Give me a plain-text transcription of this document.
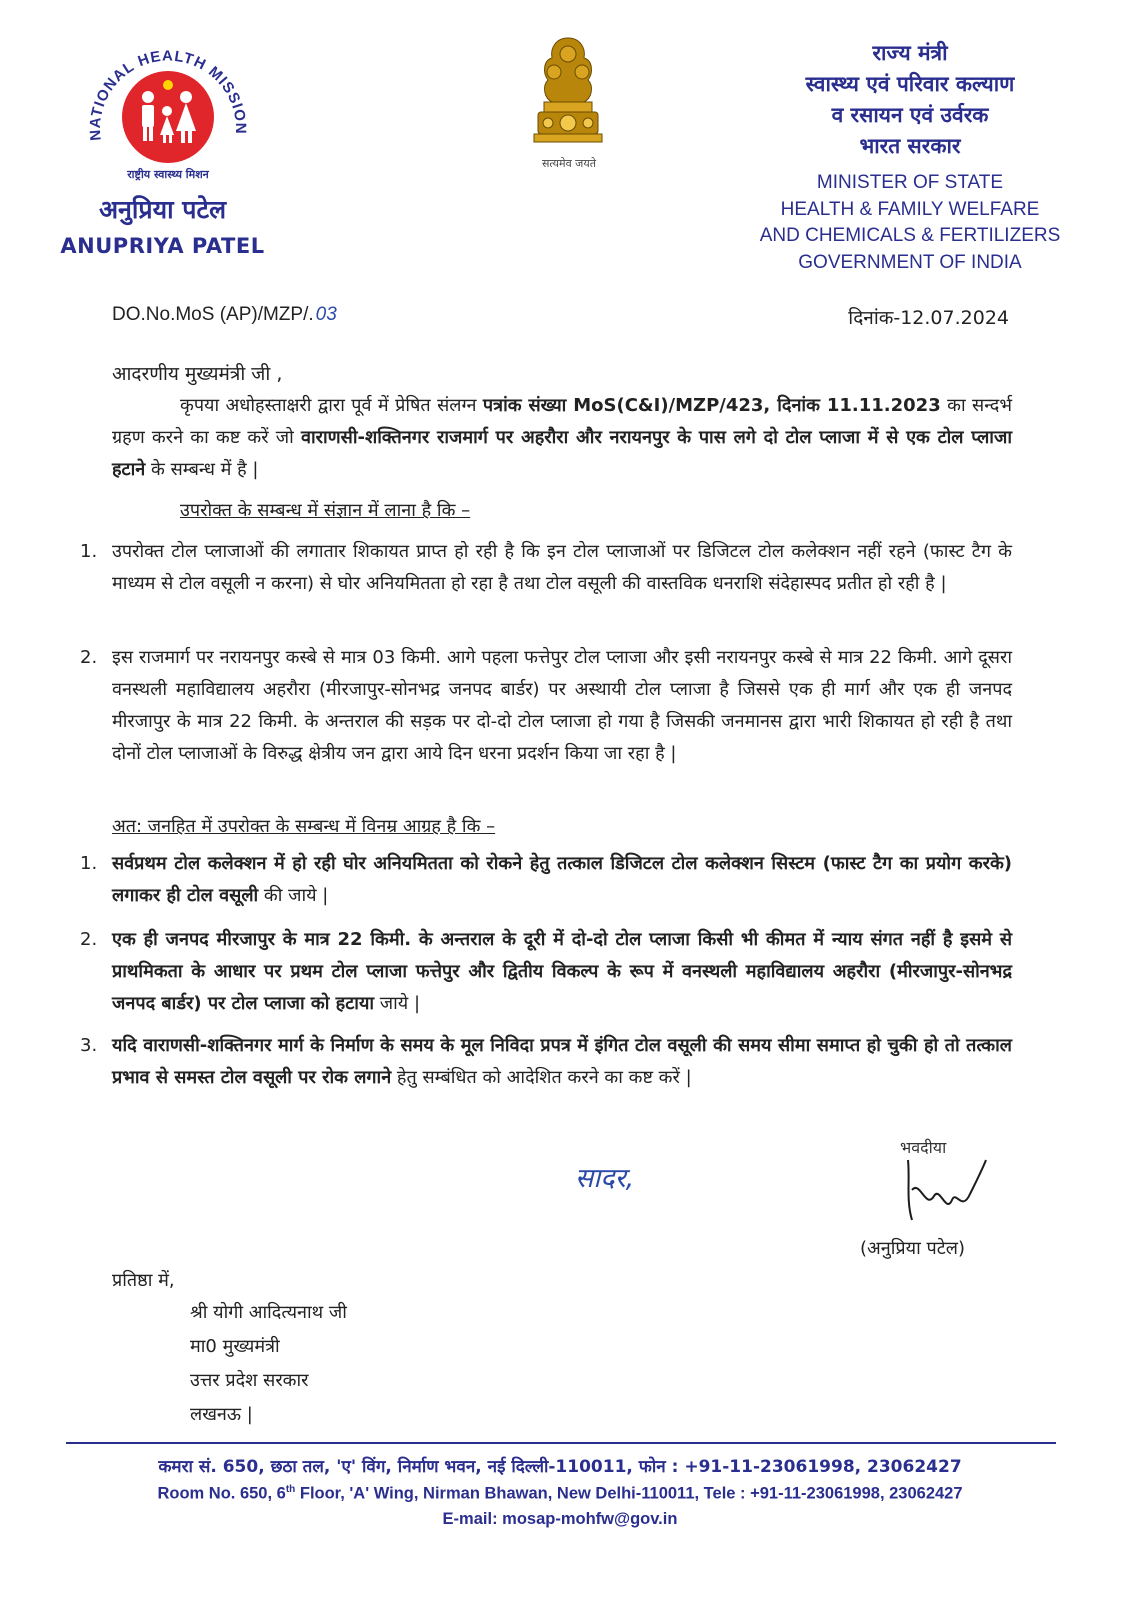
NATIONAL HEALTH MISSION
राष्ट्रीय स्वास्थ्य मिशन
अनुप्रिया पटेल
ANUPRIYA PATEL
सत्यमेव जयते
राज्य मंत्री
स्वास्थ्य एवं परिवार कल्याण
व रसायन एवं उर्वरक
भारत सरकार
MINISTER OF STATE
HEALTH & FAMILY WELFARE
AND CHEMICALS & FERTILIZERS
GOVERNMENT OF INDIA
DO.No.MoS (AP)/MZP/. 03	दिनांक-12.07.2024
आदरणीय मुख्यमंत्री जी ,
कृपया अधोहस्ताक्षरी द्वारा पूर्व में प्रेषित संलग्न पत्रांक संख्या MoS(C&I)/MZP/423, दिनांक 11.11.2023 का सन्दर्भ ग्रहण करने का कष्ट करें जो वाराणसी-शक्तिनगर राजमार्ग पर अहरौरा और नरायनपुर के पास लगे दो टोल प्लाजा में से एक टोल प्लाजा हटाने के सम्बन्ध में है |
उपरोक्त के सम्बन्ध में संज्ञान में लाना है कि –
1. उपरोक्त टोल प्लाजाओं की लगातार शिकायत प्राप्त हो रही है कि इन टोल प्लाजाओं पर डिजिटल टोल कलेक्शन नहीं रहने (फास्ट टैग के माध्यम से टोल वसूली न करना) से घोर अनियमितता हो रहा है तथा टोल वसूली की वास्तविक धनराशि संदेहास्पद प्रतीत हो रही है |
2. इस राजमार्ग पर नरायनपुर कस्बे से मात्र 03 किमी. आगे पहला फत्तेपुर टोल प्लाजा और इसी नरायनपुर कस्बे से मात्र 22 किमी. आगे दूसरा वनस्थली महाविद्यालय अहरौरा (मीरजापुर-सोनभद्र जनपद बार्डर) पर अस्थायी टोल प्लाजा है जिससे एक ही मार्ग और एक ही जनपद मीरजापुर के मात्र 22 किमी. के अन्तराल की सड़क पर दो-दो टोल प्लाजा हो गया है जिसकी जनमानस द्वारा भारी शिकायत हो रही है तथा दोनों टोल प्लाजाओं के विरुद्ध क्षेत्रीय जन द्वारा आये दिन धरना प्रदर्शन किया जा रहा है |
अत: जनहित में उपरोक्त के सम्बन्ध में विनम्र आग्रह है कि –
1. सर्वप्रथम टोल कलेक्शन में हो रही घोर अनियमितता को रोकने हेतु तत्काल डिजिटल टोल कलेक्शन सिस्टम (फास्ट टैग का प्रयोग करके) लगाकर ही टोल वसूली की जाये |
2. एक ही जनपद मीरजापुर के मात्र 22 किमी. के अन्तराल के दूरी में दो-दो टोल प्लाजा किसी भी कीमत में न्याय संगत नहीं है इसमे से प्राथमिकता के आधार पर प्रथम टोल प्लाजा फत्तेपुर और द्वितीय विकल्प के रूप में वनस्थली महाविद्यालय अहरौरा (मीरजापुर-सोनभद्र जनपद बार्डर) पर टोल प्लाजा को हटाया जाये |
3. यदि वाराणसी-शक्तिनगर मार्ग के निर्माण के समय के मूल निविदा प्रपत्र में इंगित टोल वसूली की समय सीमा समाप्त हो चुकी हो तो तत्काल प्रभाव से समस्त टोल वसूली पर रोक लगाने हेतु सम्बंधित को आदेशित करने का कष्ट करें |
सादर,
भवदीया
(अनुप्रिया पटेल)
प्रतिष्ठा में,
श्री योगी आदित्यनाथ जी
मा0 मुख्यमंत्री
उत्तर प्रदेश सरकार
लखनऊ |
कमरा सं. 650, छठा तल, 'ए' विंग, निर्माण भवन, नई दिल्ली-110011, फोन : +91-11-23061998, 23062427
Room No. 650, 6th Floor, 'A' Wing, Nirman Bhawan, New Delhi-110011, Tele : +91-11-23061998, 23062427
E-mail: mosap-mohfw@gov.in
